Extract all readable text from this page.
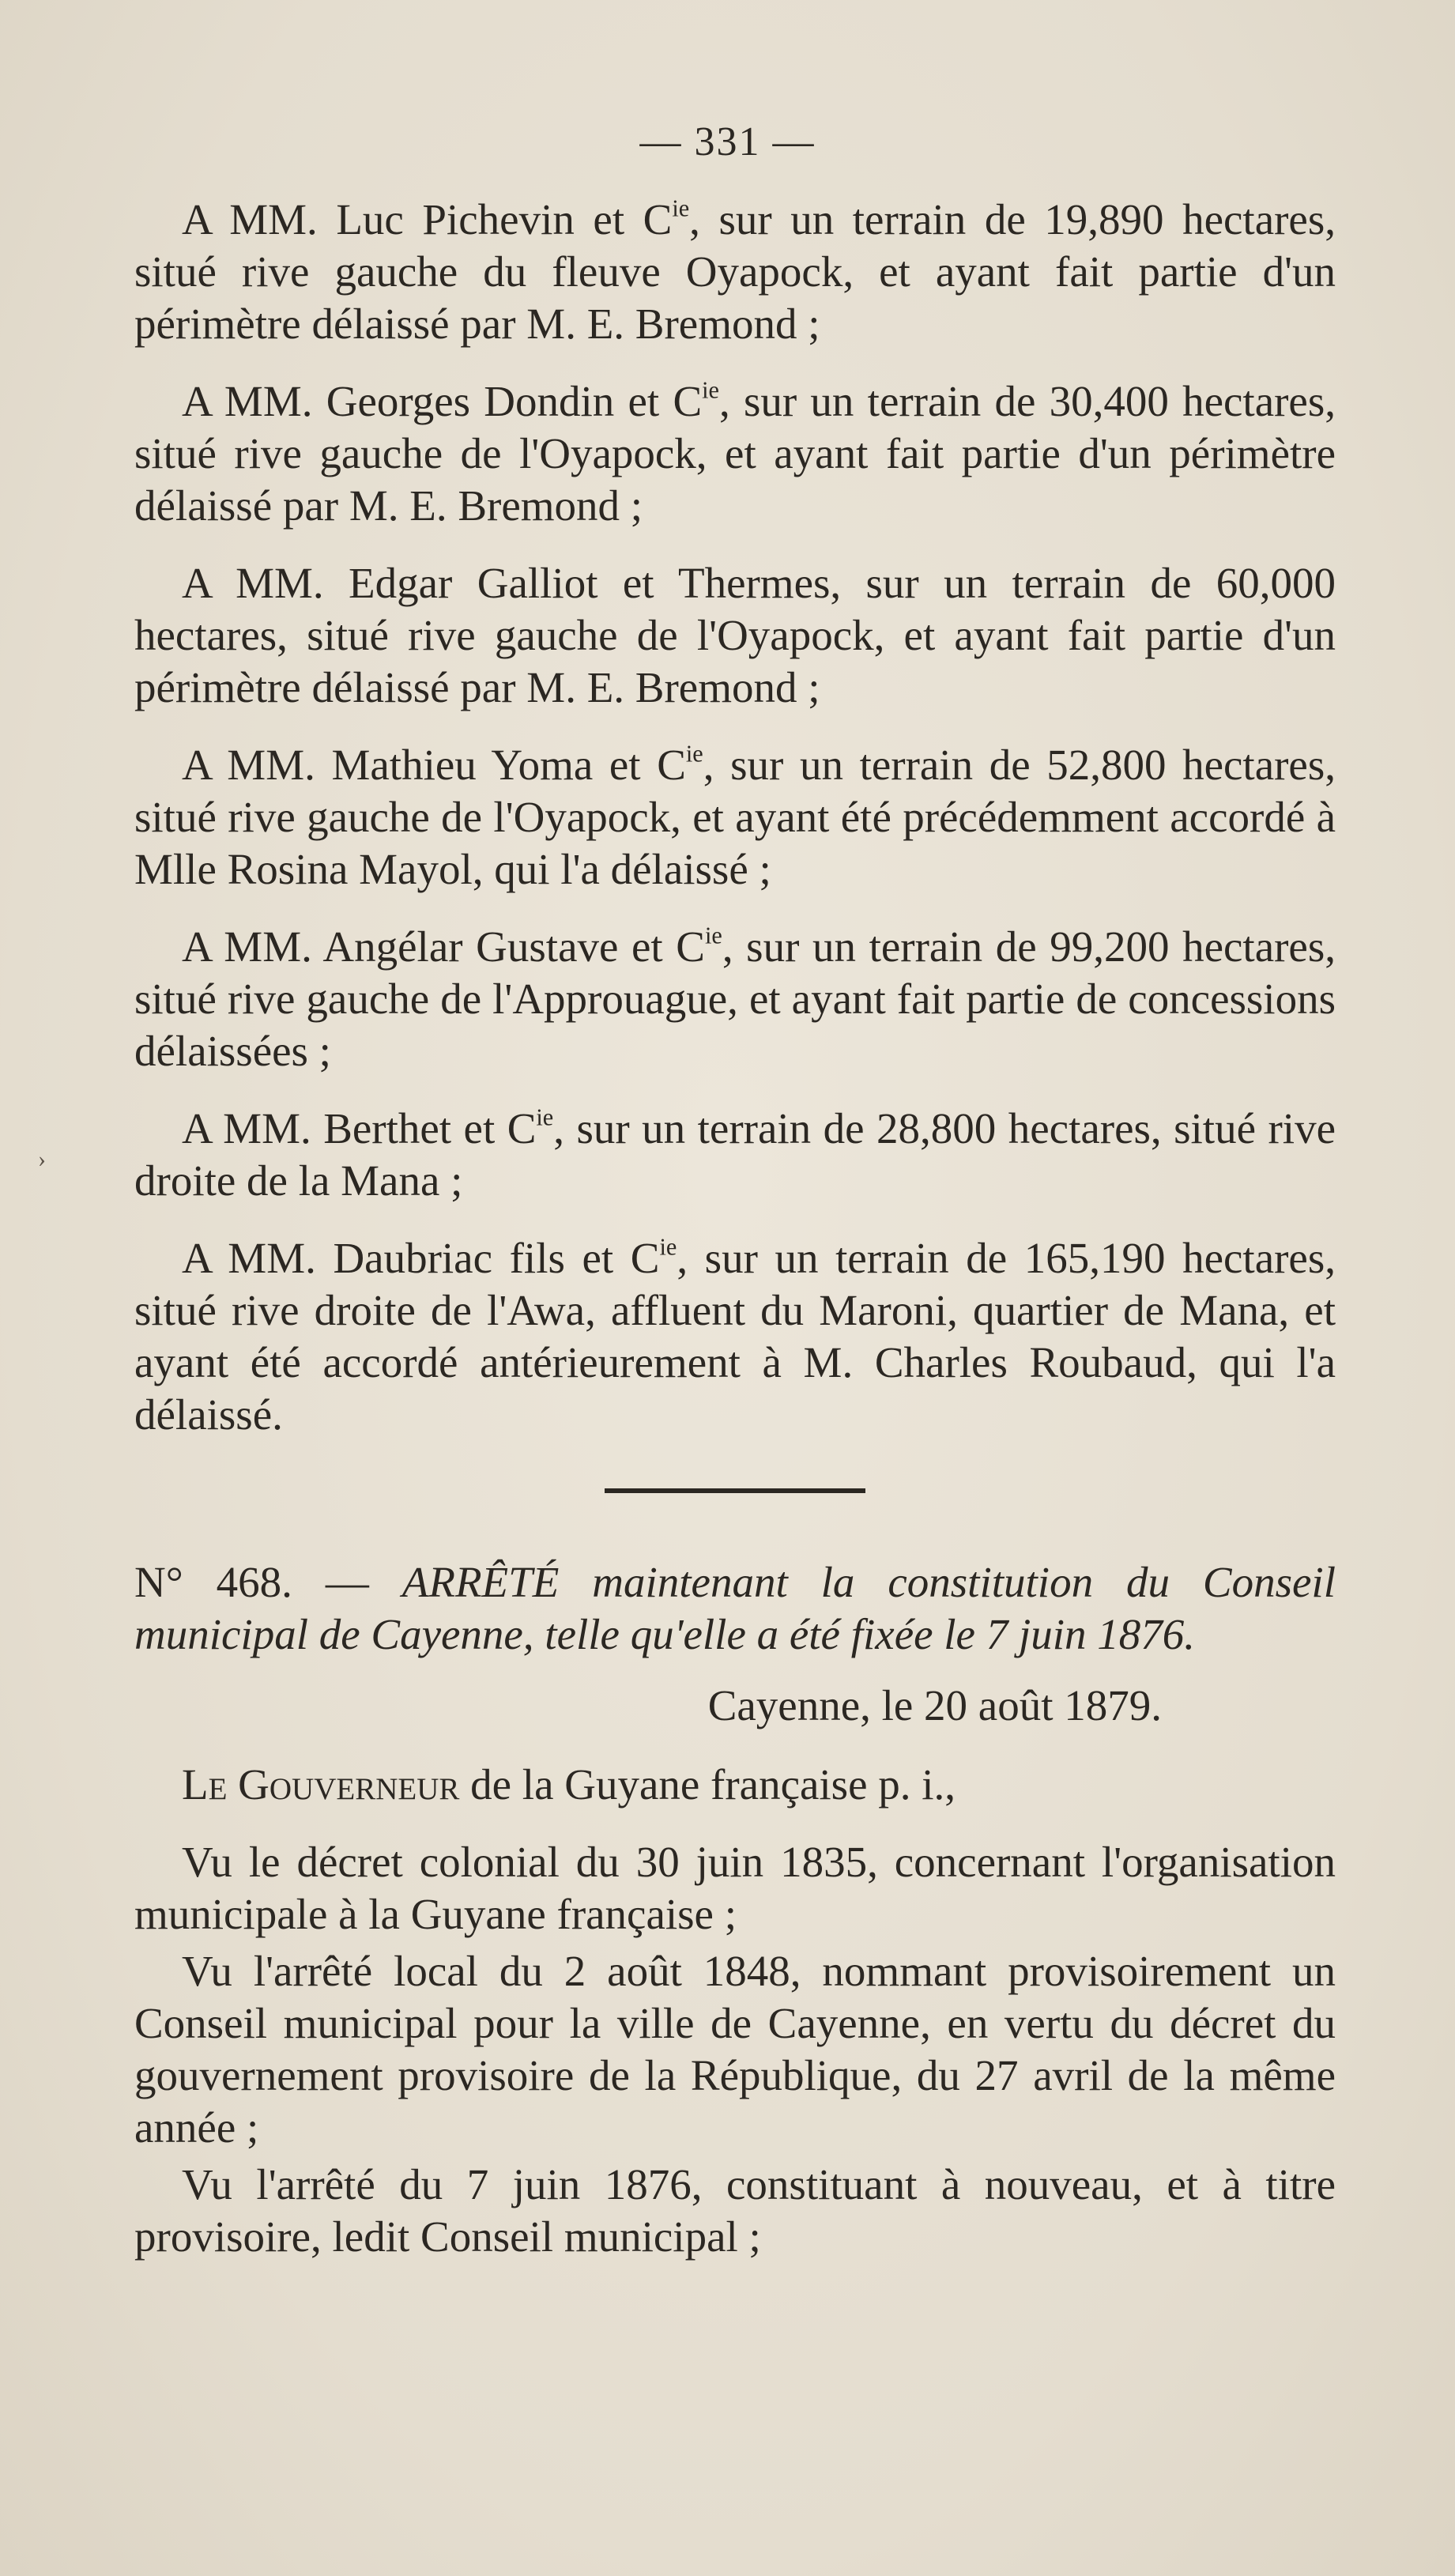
— 331 —
›

A MM. Luc Pichevin et $C^{ie}$, sur un terrain de 19,890 hectares, situé rive gauche du fleuve Oyapock, et ayant fait partie d'un périmètre délaissé par M. E. Bremond ;

A MM. Georges Dondin et $C^{ie}$, sur un terrain de 30,400 hectares, situé rive gauche de l'Oyapock, et ayant fait partie d'un périmètre délaissé par M. E. Bremond ;

A MM. Edgar Galliot et Thermes, sur un terrain de 60,000 hectares, situé rive gauche de l'Oyapock, et ayant fait partie d'un périmètre délaissé par M. E. Bremond ;

A MM. Mathieu Yoma et $C^{ie}$, sur un terrain de 52,800 hectares, situé rive gauche de l'Oyapock, et ayant été précédemment accordé à Mlle Rosina Mayol, qui l'a délaissé ;

A MM. Angélar Gustave et $C^{ie}$, sur un terrain de 99,200 hectares, situé rive gauche de l'Approuague, et ayant fait partie de concessions délaissées ;

A MM. Berthet et $C^{ie}$, sur un terrain de 28,800 hectares, situé rive droite de la Mana ;

A MM. Daubriac fils et $C^{ie}$, sur un terrain de 165,190 hectares, situé rive droite de l'Awa, affluent du Maroni, quartier de Mana, et ayant été accordé antérieurement à M. Charles Roubaud, qui l'a délaissé.

N° 468. — ARRÊTÉ maintenant la constitution du Conseil municipal de Cayenne, telle qu'elle a été fixée le 7 juin 1876.

Cayenne, le 20 août 1879.

Le Gouverneur de la Guyane française p. i.,

Vu le décret colonial du 30 juin 1835, concernant l'organisation municipale à la Guyane française ;

Vu l'arrêté local du 2 août 1848, nommant provisoirement un Conseil municipal pour la ville de Cayenne, en vertu du décret du gouvernement provisoire de la République, du 27 avril de la même année ;

Vu l'arrêté du 7 juin 1876, constituant à nouveau, et à titre provisoire, ledit Conseil municipal ;
